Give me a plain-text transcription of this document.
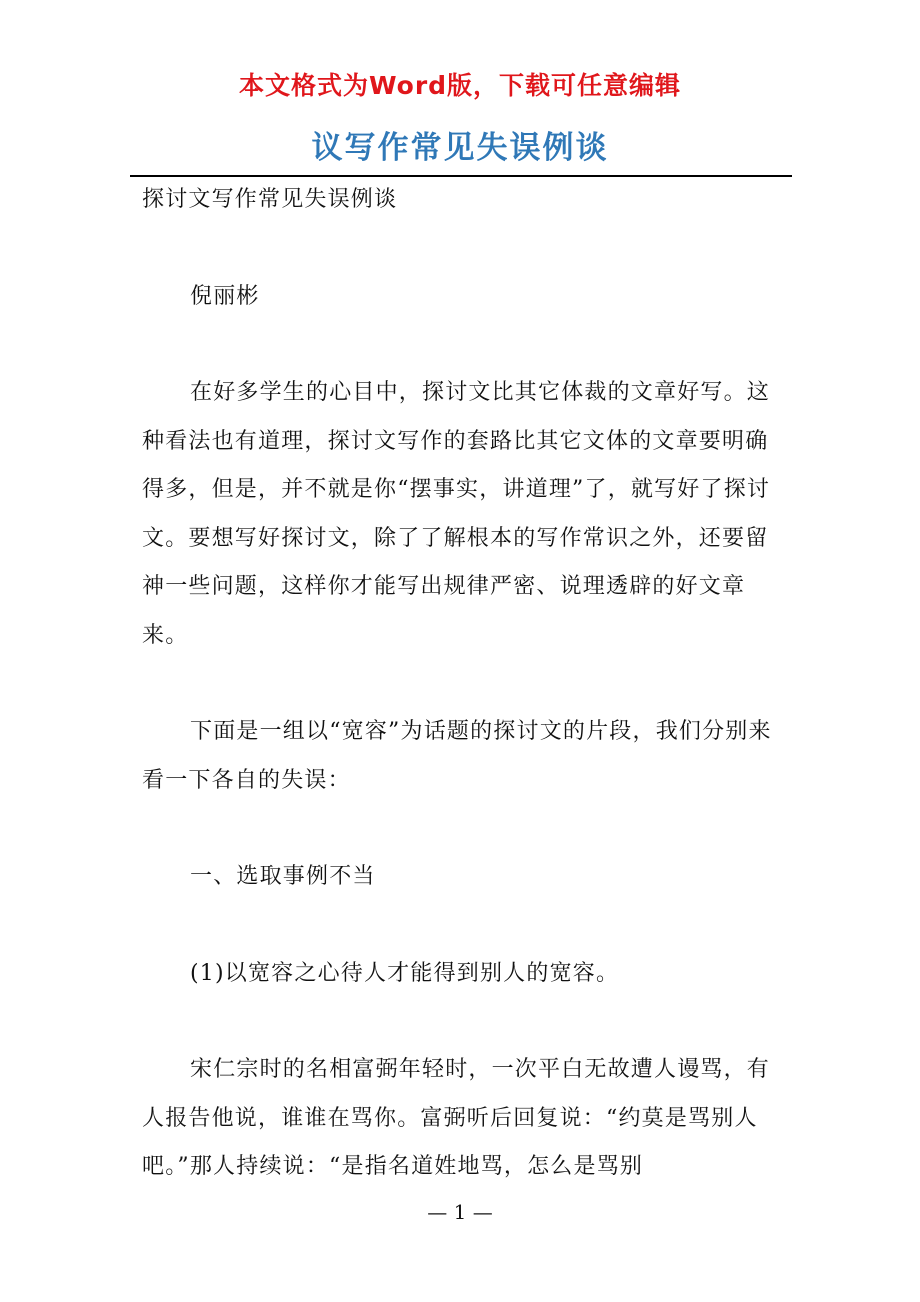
本文格式为Word版，下载可任意编辑
议写作常见失误例谈

探讨文写作常见失误例谈

倪丽彬

在好多学生的心目中，探讨文比其它体裁的文章好写。这种看法也有道理，探讨文写作的套路比其它文体的文章要明确得多，但是，并不就是你“摆事实，讲道理”了，就写好了探讨文。要想写好探讨文，除了了解根本的写作常识之外，还要留神一些问题，这样你才能写出规律严密、说理透辟的好文章来。

下面是一组以“宽容”为话题的探讨文的片段，我们分别来看一下各自的失误：

一、选取事例不当

(1)以宽容之心待人才能得到别人的宽容。

宋仁宗时的名相富弼年轻时，一次平白无故遭人谩骂，有人报告他说，谁谁在骂你。富弼听后回复说：“约莫是骂别人吧。”那人持续说：“是指名道姓地骂，怎么是骂别

— 1 —
